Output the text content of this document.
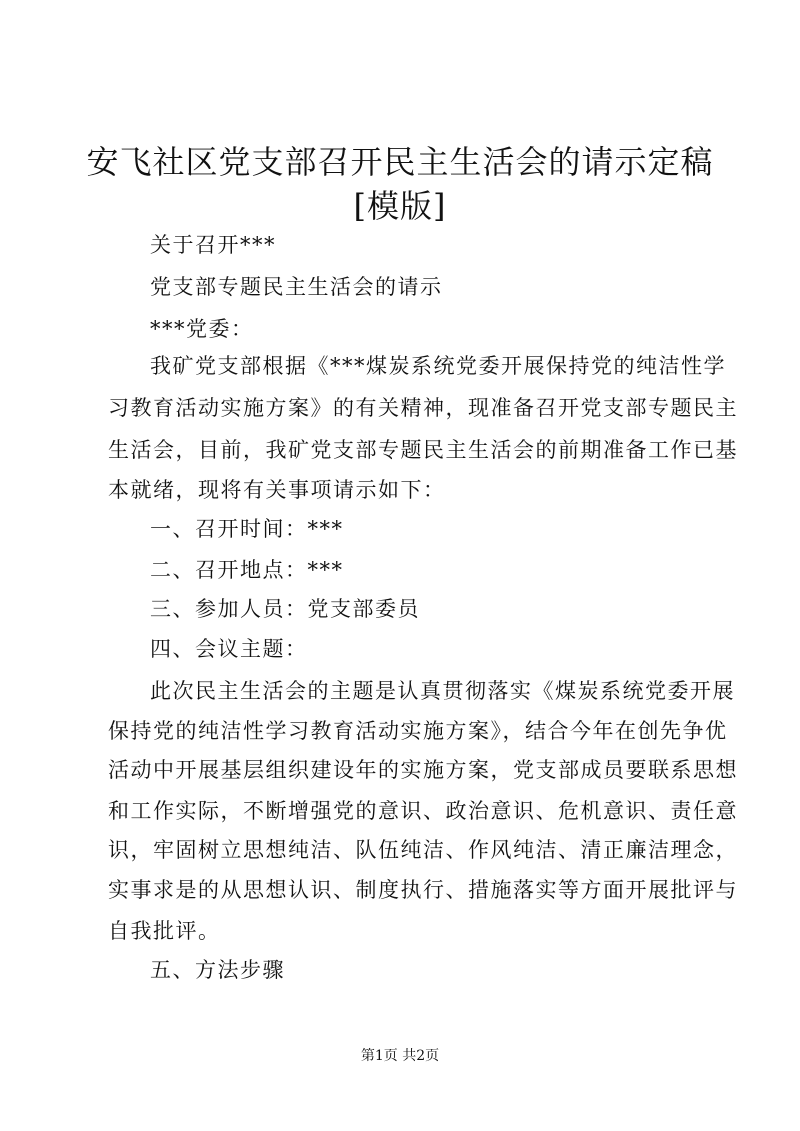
安飞社区党支部召开民主生活会的请示定稿
[模版]
关于召开***
党支部专题民主生活会的请示
***党委：
我矿党支部根据《***煤炭系统党委开展保持党的纯洁性学
习教育活动实施方案》的有关精神，现准备召开党支部专题民主
生活会，目前，我矿党支部专题民主生活会的前期准备工作已基
本就绪，现将有关事项请示如下：
一、召开时间：***
二、召开地点：***
三、参加人员：党支部委员
四、会议主题：
此次民主生活会的主题是认真贯彻落实《煤炭系统党委开展
保持党的纯洁性学习教育活动实施方案》，结合今年在创先争优
活动中开展基层组织建设年的实施方案，党支部成员要联系思想
和工作实际，不断增强党的意识、政治意识、危机意识、责任意
识，牢固树立思想纯洁、队伍纯洁、作风纯洁、清正廉洁理念，
实事求是的从思想认识、制度执行、措施落实等方面开展批评与
自我批评。
五、方法步骤
第1页 共2页
